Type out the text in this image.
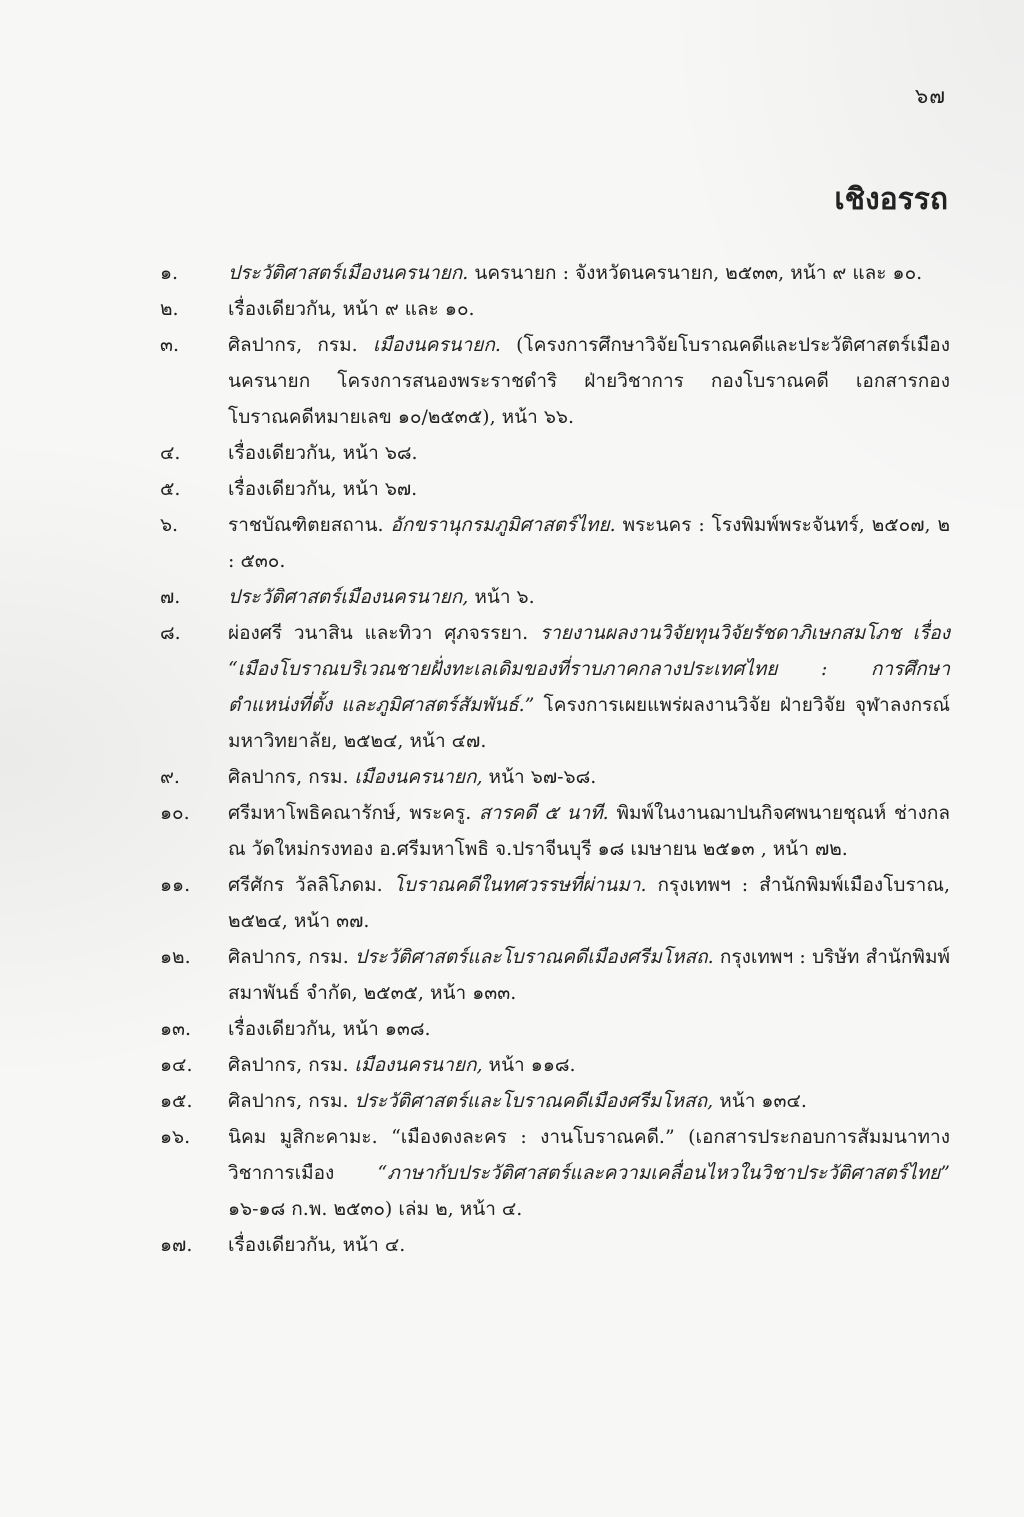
๖๗
เชิงอรรถ
๑.	ประวัติศาสตร์เมืองนครนายก. นครนายก : จังหวัดนครนายก, ๒๕๓๓, หน้า ๙ และ ๑๐.
๒.	เรื่องเดียวกัน, หน้า ๙ และ ๑๐.
๓.	ศิลปากร, กรม. เมืองนครนายก. (โครงการศึกษาวิจัยโบราณคดีและประวัติศาสตร์เมืองนครนายก โครงการสนองพระราชดำริ ฝ่ายวิชาการ กองโบราณคดี เอกสารกองโบราณคดีหมายเลข ๑๐/๒๕๓๕), หน้า ๖๖.
๔.	เรื่องเดียวกัน, หน้า ๖๘.
๕.	เรื่องเดียวกัน, หน้า ๖๗.
๖.	ราชบัณฑิตยสถาน. อักขรานุกรมภูมิศาสตร์ไทย. พระนคร : โรงพิมพ์พระจันทร์, ๒๕๐๗, ๒ : ๕๓๐.
๗.	ประวัติศาสตร์เมืองนครนายก, หน้า ๖.
๘.	ผ่องศรี วนาสิน และทิวา ศุภจรรยา. รายงานผลงานวิจัยทุนวิจัยรัชดาภิเษกสมโภช เรื่อง “เมืองโบราณบริเวณชายฝั่งทะเลเดิมของที่ราบภาคกลางประเทศไทย : การศึกษาตำแหน่งที่ตั้ง และภูมิศาสตร์สัมพันธ์.” โครงการเผยแพร่ผลงานวิจัย ฝ่ายวิจัย จุฬาลงกรณ์มหาวิทยาลัย, ๒๕๒๔, หน้า ๔๗.
๙.	ศิลปากร, กรม. เมืองนครนายก, หน้า ๖๗-๖๘.
๑๐.	ศรีมหาโพธิคณารักษ์, พระครู. สารคดี ๕ นาที. พิมพ์ในงานฌาปนกิจศพนายชุณห์ ช่างกล ณ วัดใหม่กรงทอง อ.ศรีมหาโพธิ จ.ปราจีนบุรี ๑๘ เมษายน ๒๕๑๓ , หน้า ๗๒.
๑๑.	ศรีศักร วัลลิโภดม. โบราณคดีในทศวรรษที่ผ่านมา. กรุงเทพฯ : สำนักพิมพ์เมืองโบราณ, ๒๕๒๔, หน้า ๓๗.
๑๒.	ศิลปากร, กรม. ประวัติศาสตร์และโบราณคดีเมืองศรีมโหสถ. กรุงเทพฯ : บริษัท สำนักพิมพ์สมาพันธ์ จำกัด, ๒๕๓๕, หน้า ๑๓๓.
๑๓.	เรื่องเดียวกัน, หน้า ๑๓๘.
๑๔.	ศิลปากร, กรม. เมืองนครนายก, หน้า ๑๑๘.
๑๕.	ศิลปากร, กรม. ประวัติศาสตร์และโบราณคดีเมืองศรีมโหสถ, หน้า ๑๓๔.
๑๖.	นิคม มูสิกะคามะ. “เมืองดงละคร : งานโบราณคดี.” (เอกสารประกอบการสัมมนาทางวิชาการเมือง “ภาษากับประวัติศาสตร์และความเคลื่อนไหวในวิชาประวัติศาสตร์ไทย” ๑๖-๑๘ ก.พ. ๒๕๓๐) เล่ม ๒, หน้า ๔.
๑๗.	เรื่องเดียวกัน, หน้า ๔.
